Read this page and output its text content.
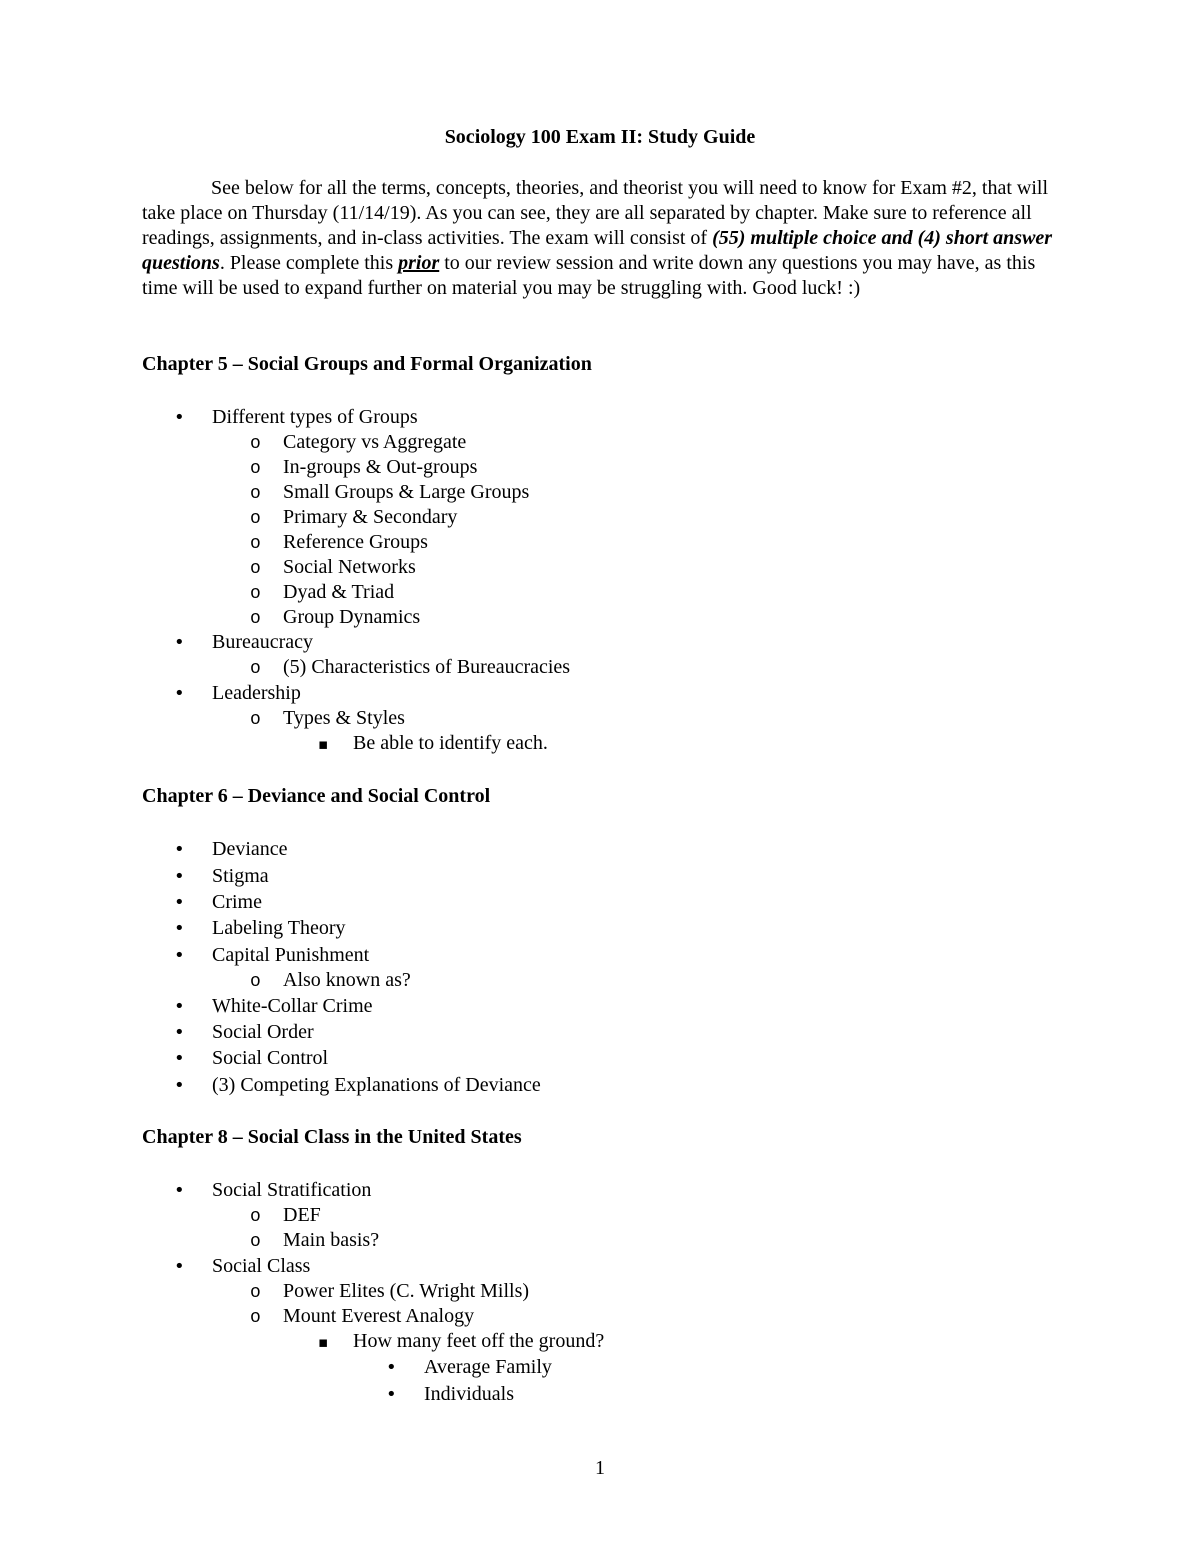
Sociology 100 Exam II: Study Guide

See below for all the terms, concepts, theories, and theorist you will need to know for Exam #2, that will take place on Thursday (11/14/19). As you can see, they are all separated by chapter. Make sure to reference all readings, assignments, and in-class activities. The exam will consist of (55) multiple choice and (4) short answer questions. Please complete this prior to our review session and write down any questions you may have, as this time will be used to expand further on material you may be struggling with. Good luck! :)

Chapter 5 – Social Groups and Formal Organization
•
Different types of Groups
o
Category vs Aggregate
o
In-groups & Out-groups
o
Small Groups & Large Groups
o
Primary & Secondary
o
Reference Groups
o
Social Networks
o
Dyad & Triad
o
Group Dynamics
•
Bureaucracy
o
(5) Characteristics of Bureaucracies
•
Leadership
o
Types & Styles
▪
Be able to identify each.
Chapter 6 – Deviance and Social Control
•
Deviance
•
Stigma
•
Crime
•
Labeling Theory
•
Capital Punishment
o
Also known as?
•
White-Collar Crime
•
Social Order
•
Social Control
•
(3) Competing Explanations of Deviance
Chapter 8 – Social Class in the United States
•
Social Stratification
o
DEF
o
Main basis?
•
Social Class
o
Power Elites (C. Wright Mills)
o
Mount Everest Analogy
▪
How many feet off the ground?
•
Average Family
•
Individuals
1
